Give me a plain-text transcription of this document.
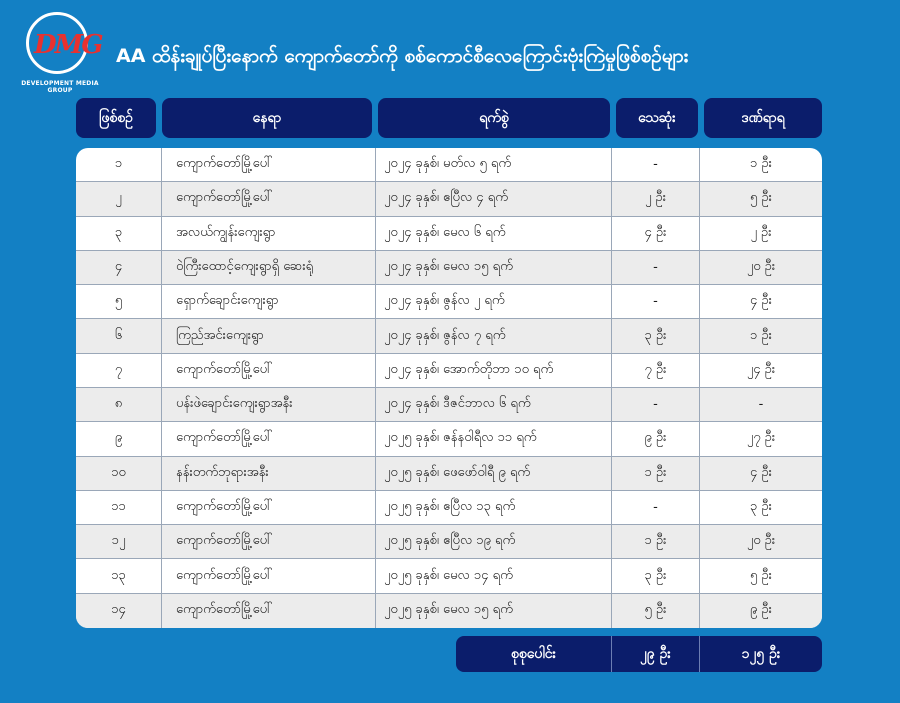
DMG
DEVELOPMENT MEDIA GROUP
AA ထိန်းချုပ်ပြီးနောက် ကျောက်တော်ကို စစ်ကောင်စီလေကြောင်းဗုံးကြဲမှုဖြစ်စဉ်များ
ဖြစ်စဉ်	နေရာ	ရက်စွဲ	သေဆုံး	ဒဏ်ရာရ
၁	ကျောက်တော်မြို့ပေါ်	၂၀၂၄ ခုနှစ်၊ မတ်လ ၅ ရက်	-	၁ ဦး
၂	ကျောက်တော်မြို့ပေါ်	၂၀၂၄ ခုနှစ်၊ ဧပြီလ ၄ ရက်	၂ ဦး	၅ ဦး
၃	အလယ်ကျွန်းကျေးရွာ	၂၀၂၄ ခုနှစ်၊ မေလ ၆ ရက်	၄ ဦး	၂ ဦး
၄	ဝဲကြီးထောင့်ကျေးရွာရှိ ဆေးရုံ	၂၀၂၄ ခုနှစ်၊ မေလ ၁၅ ရက်	-	၂၀ ဦး
၅	ရှောက်ချောင်းကျေးရွာ	၂၀၂၄ ခုနှစ်၊ ဇွန်လ ၂ ရက်	-	၄ ဦး
၆	ကြည်အင်းကျေးရွာ	၂၀၂၄ ခုနှစ်၊ ဇွန်လ ၇ ရက်	၃ ဦး	၁ ဦး
၇	ကျောက်တော်မြို့ပေါ်	၂၀၂၄ ခုနှစ်၊ အောက်တိုဘာ ၁၀ ရက်	၇ ဦး	၂၄ ဦး
၈	ပန်းဖဲချောင်းကျေးရွာအနီး	၂၀၂၄ ခုနှစ်၊ ဒီဇင်ဘာလ ၆ ရက်	-	-
၉	ကျောက်တော်မြို့ပေါ်	၂၀၂၅ ခုနှစ်၊ ဇန်နဝါရီလ ၁၁ ရက်	၉ ဦး	၂၇ ဦး
၁၀	နန်းတက်ဘုရားအနီး	၂၀၂၅ ခုနှစ်၊ ဖေဖော်ဝါရီ ၉ ရက်	၁ ဦး	၄ ဦး
၁၁	ကျောက်တော်မြို့ပေါ်	၂၀၂၅ ခုနှစ်၊ ဧပြီလ ၁၃ ရက်	-	၃ ဦး
၁၂	ကျောက်တော်မြို့ပေါ်	၂၀၂၅ ခုနှစ်၊ ဧပြီလ ၁၉ ရက်	၁ ဦး	၂၀ ဦး
၁၃	ကျောက်တော်မြို့ပေါ်	၂၀၂၅ ခုနှစ်၊ မေလ ၁၄ ရက်	၃ ဦး	၅ ဦး
၁၄	ကျောက်တော်မြို့ပေါ်	၂၀၂၅ ခုနှစ်၊ မေလ ၁၅ ရက်	၅ ဦး	၉ ဦး
စုစုပေါင်း	၂၉ ဦး	၁၂၅ ဦး
